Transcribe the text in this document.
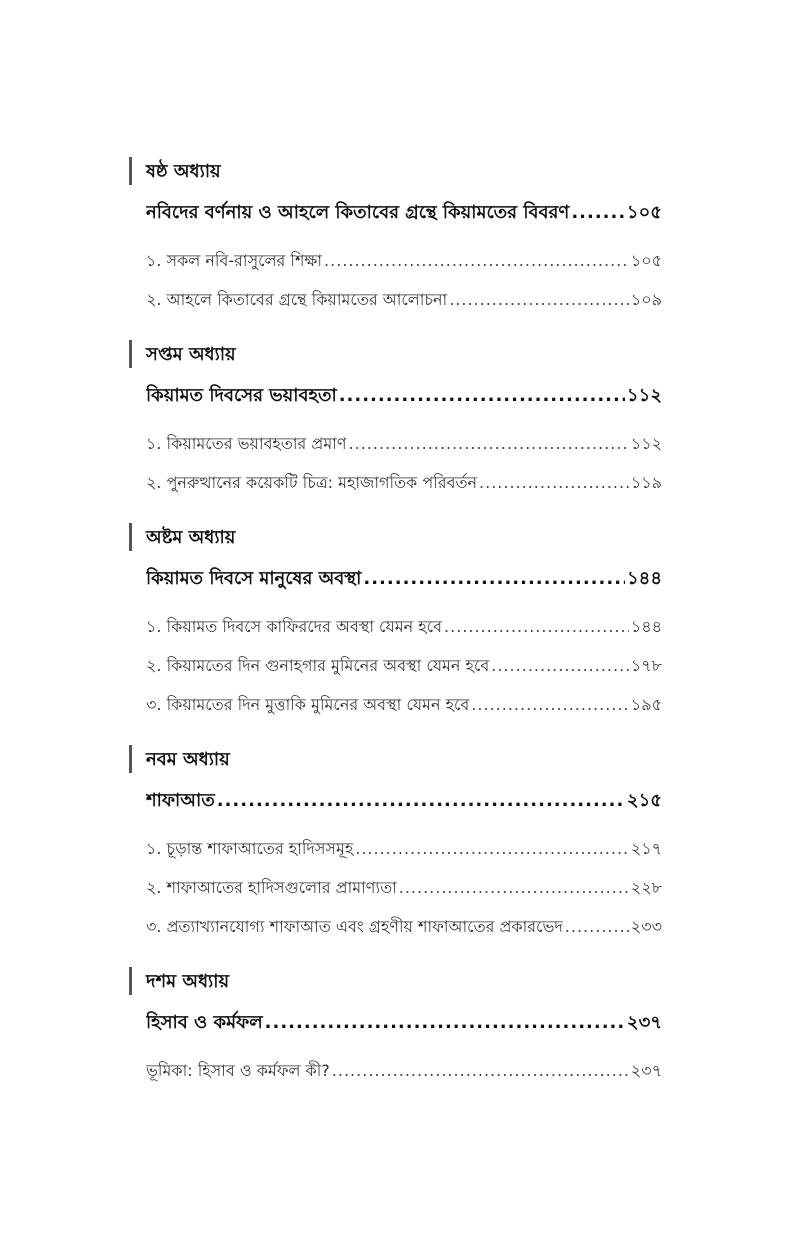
ষষ্ঠ অধ্যায়
নবিদের বর্ণনায় ও আহলে কিতাবের গ্রন্থে কিয়ামতের বিবরণ .....	১০৫
১. সকল নবি-রাসুলের শিক্ষা .....	১০৫
২. আহলে কিতাবের গ্রন্থে কিয়ামতের আলোচনা .....	১০৯
সপ্তম অধ্যায়
কিয়ামত দিবসের ভয়াবহতা .....	১১২
১. কিয়ামতের ভয়াবহতার প্রমাণ .....	১১২
২. পুনরুত্থানের কয়েকটি চিত্র: মহাজাগতিক পরিবর্তন .....	১১৯
অষ্টম অধ্যায়
কিয়ামত দিবসে মানুষের অবস্থা .....	১৪৪
১. কিয়ামত দিবসে কাফিরদের অবস্থা যেমন হবে .....	১৪৪
২. কিয়ামতের দিন গুনাহগার মুমিনের অবস্থা যেমন হবে .....	১৭৮
৩. কিয়ামতের দিন মুত্তাকি মুমিনের অবস্থা যেমন হবে .....	১৯৫
নবম অধ্যায়
শাফাআত .....	২১৫
১. চূড়ান্ত শাফাআতের হাদিসসমূহ .....	২১৭
২. শাফাআতের হাদিসগুলোর প্রামাণ্যতা .....	২২৮
৩. প্রত্যাখ্যানযোগ্য শাফাআত এবং গ্রহণীয় শাফাআতের প্রকারভেদ .....	২৩৩
দশম অধ্যায়
হিসাব ও কর্মফল .....	২৩৭
ভূমিকা: হিসাব ও কর্মফল কী? .....	২৩৭
